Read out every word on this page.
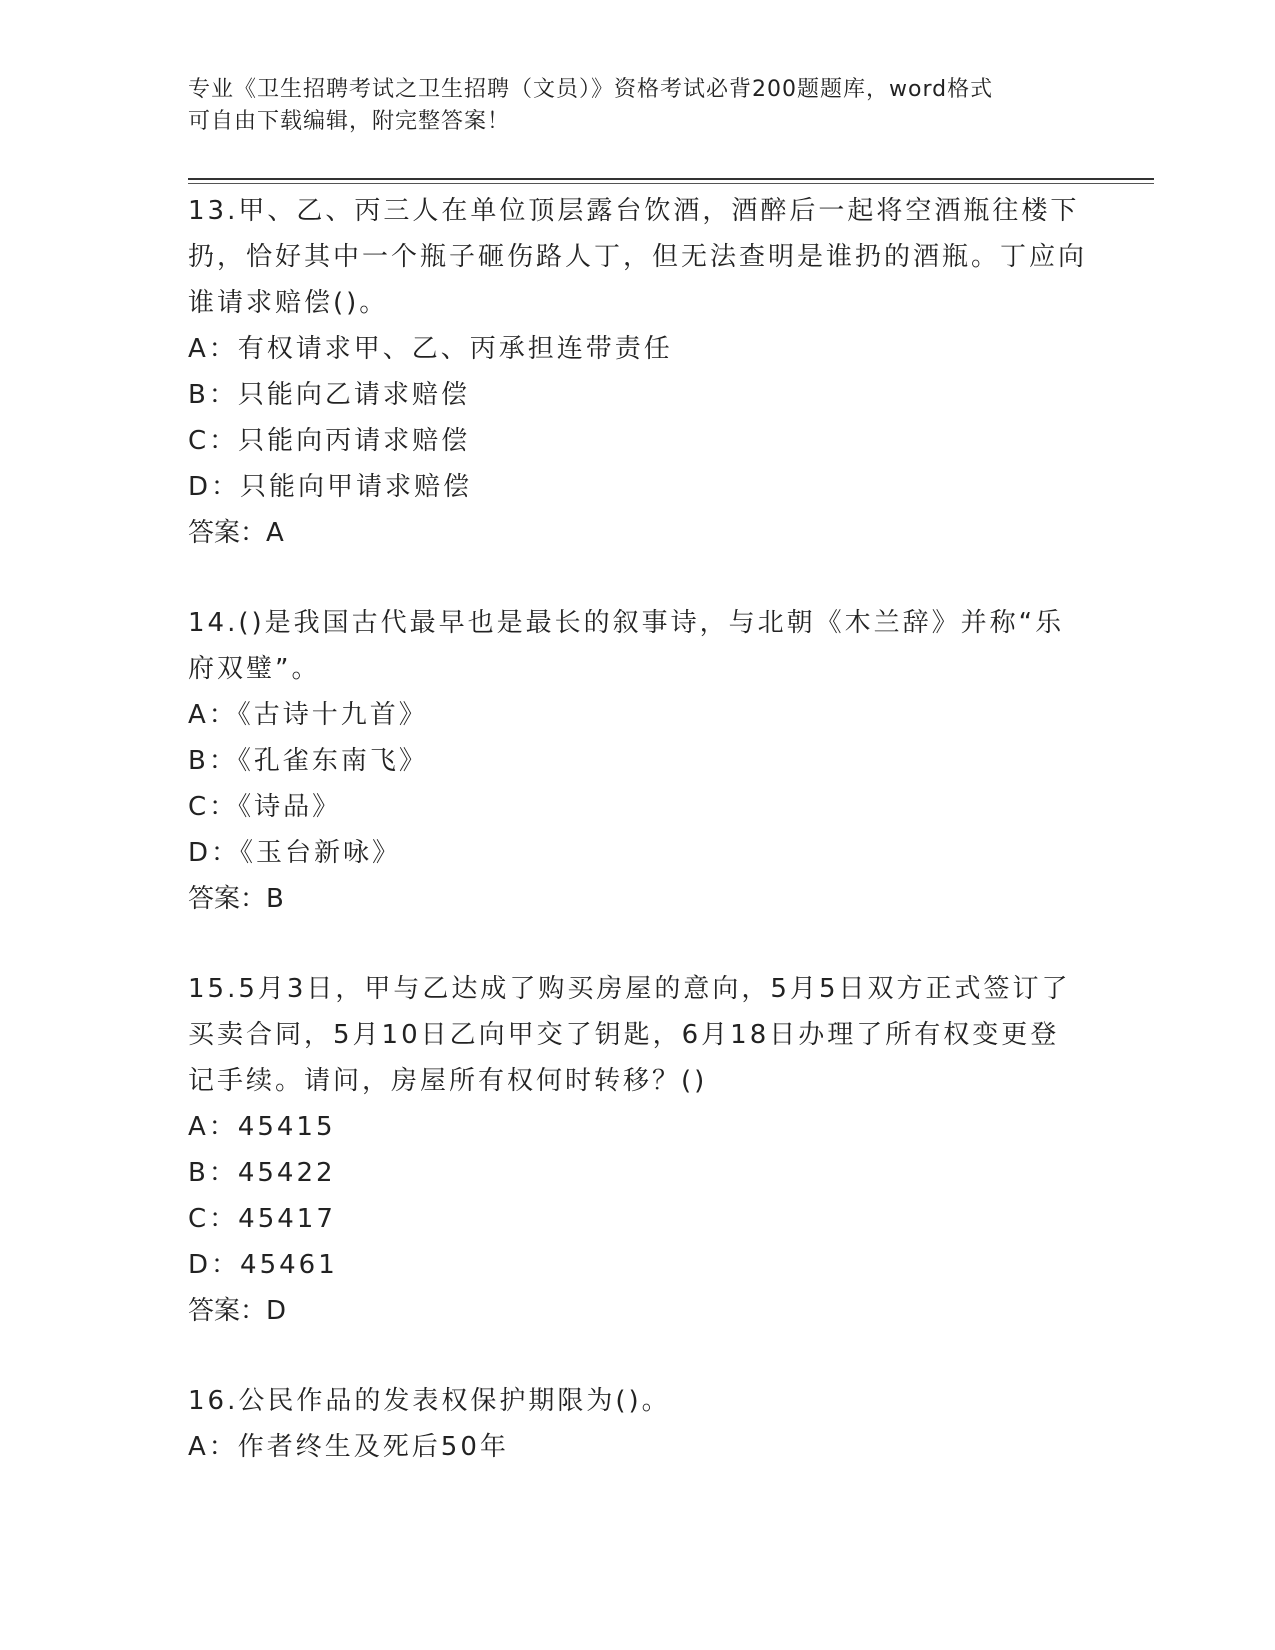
专业《卫生招聘考试之卫生招聘（文员）》资格考试必背200题题库，word格式
可自由下载编辑，附完整答案！

13.甲、乙、丙三人在单位顶层露台饮酒，酒醉后一起将空酒瓶往楼下扔，恰好其中一个瓶子砸伤路人丁，但无法查明是谁扔的酒瓶。丁应向谁请求赔偿()。

A：有权请求甲、乙、丙承担连带责任

B：只能向乙请求赔偿

C：只能向丙请求赔偿

D：只能向甲请求赔偿

答案：A

14.()是我国古代最早也是最长的叙事诗，与北朝《木兰辞》并称“乐府双璧”。

A：《古诗十九首》

B：《孔雀东南飞》

C：《诗品》

D：《玉台新咏》

答案：B

15.5月3日，甲与乙达成了购买房屋的意向，5月5日双方正式签订了买卖合同，5月10日乙向甲交了钥匙，6月18日办理了所有权变更登记手续。请问，房屋所有权何时转移？()

A：45415

B：45422

C：45417

D：45461

答案：D

16.公民作品的发表权保护期限为()。

A：作者终生及死后50年
